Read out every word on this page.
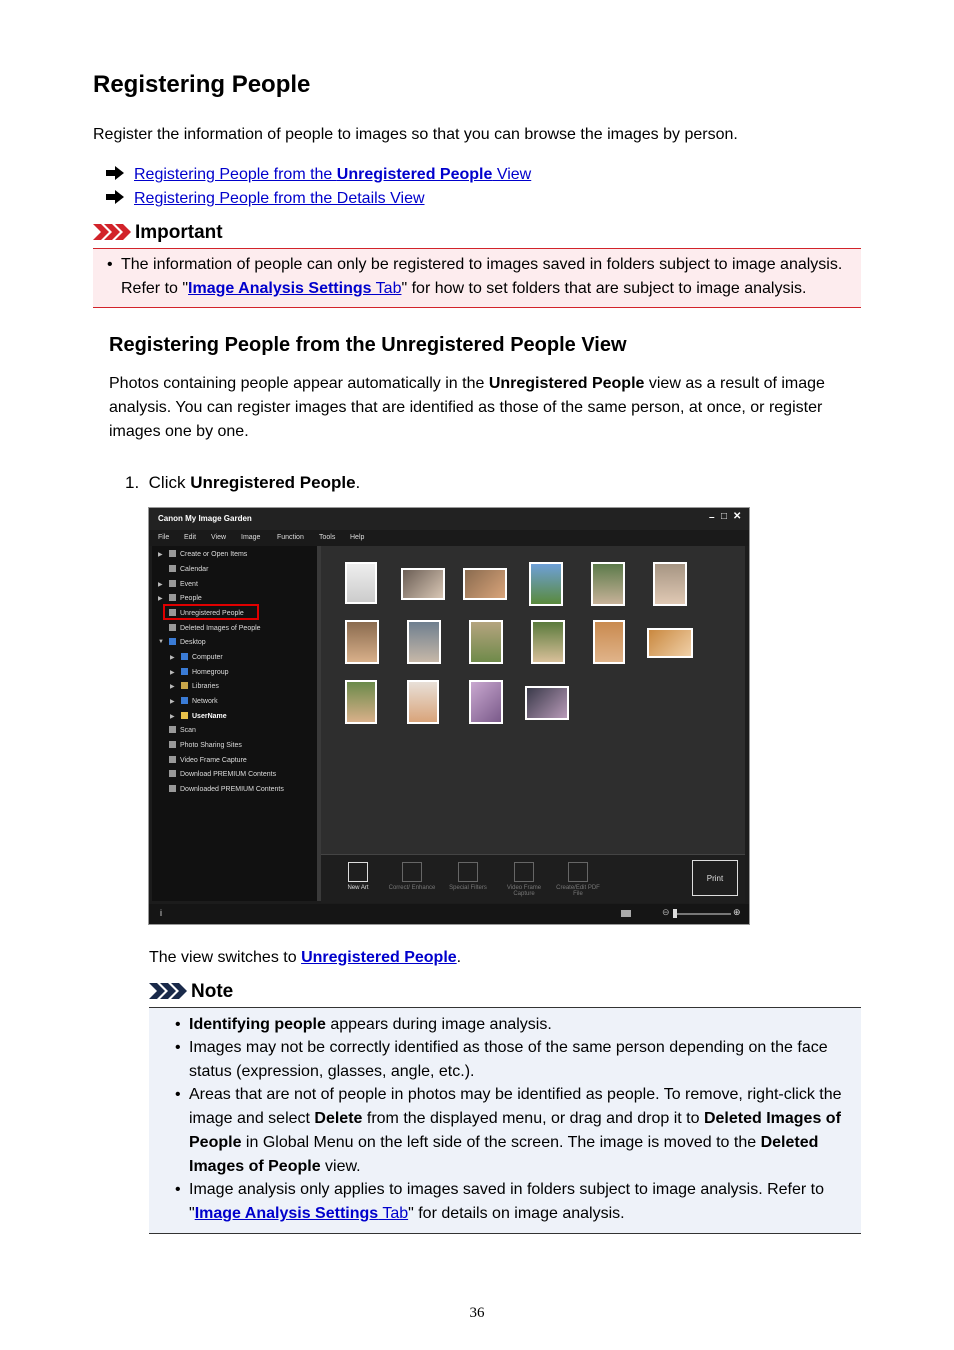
Registering People

Register the information of people to images so that you can browse the images by person.

Registering People from the Unregistered People View
Registering People from the Details View
Important
• The information of people can only be registered to images saved in folders subject to image analysis.
Refer to "Image Analysis Settings Tab" for how to set folders that are subject to image analysis.
Registering People from the Unregistered People View
Photos containing people appear automatically in the Unregistered People view as a result of image
analysis. You can register images that are identified as those of the same person, at once, or register
images one by one.
1. Click Unregistered People.
Canon My Image Garden	– □ ✕
File Edit View Image Function Tools Help
▶	Create or Open Items
Calendar
▶	Event
▶	People
Unregistered People
Deleted Images of People
▼	Desktop
▶	Computer
▶	Homegroup
▶	Libraries
▶	Network
▶	UserName
Scan
Photo Sharing Sites
Video Frame Capture
Download PREMIUM Contents
Downloaded PREMIUM Contents
New Art	Correct/ Enhance	Special Filters	Video Frame Capture
Create/Edit PDF File
Print
i	⊖	⊕

The view switches to Unregistered People.

Note
• Identifying people appears during image analysis.
• Images may not be correctly identified as those of the same person depending on the face
status (expression, glasses, angle, etc.).
• Areas that are not of people in photos may be identified as people. To remove, right-click the
image and select Delete from the displayed menu, or drag and drop it to Deleted Images of
People in Global Menu on the left side of the screen. The image is moved to the Deleted
Images of People view.
• Image analysis only applies to images saved in folders subject to image analysis. Refer to
"Image Analysis Settings Tab" for details on image analysis.
36
